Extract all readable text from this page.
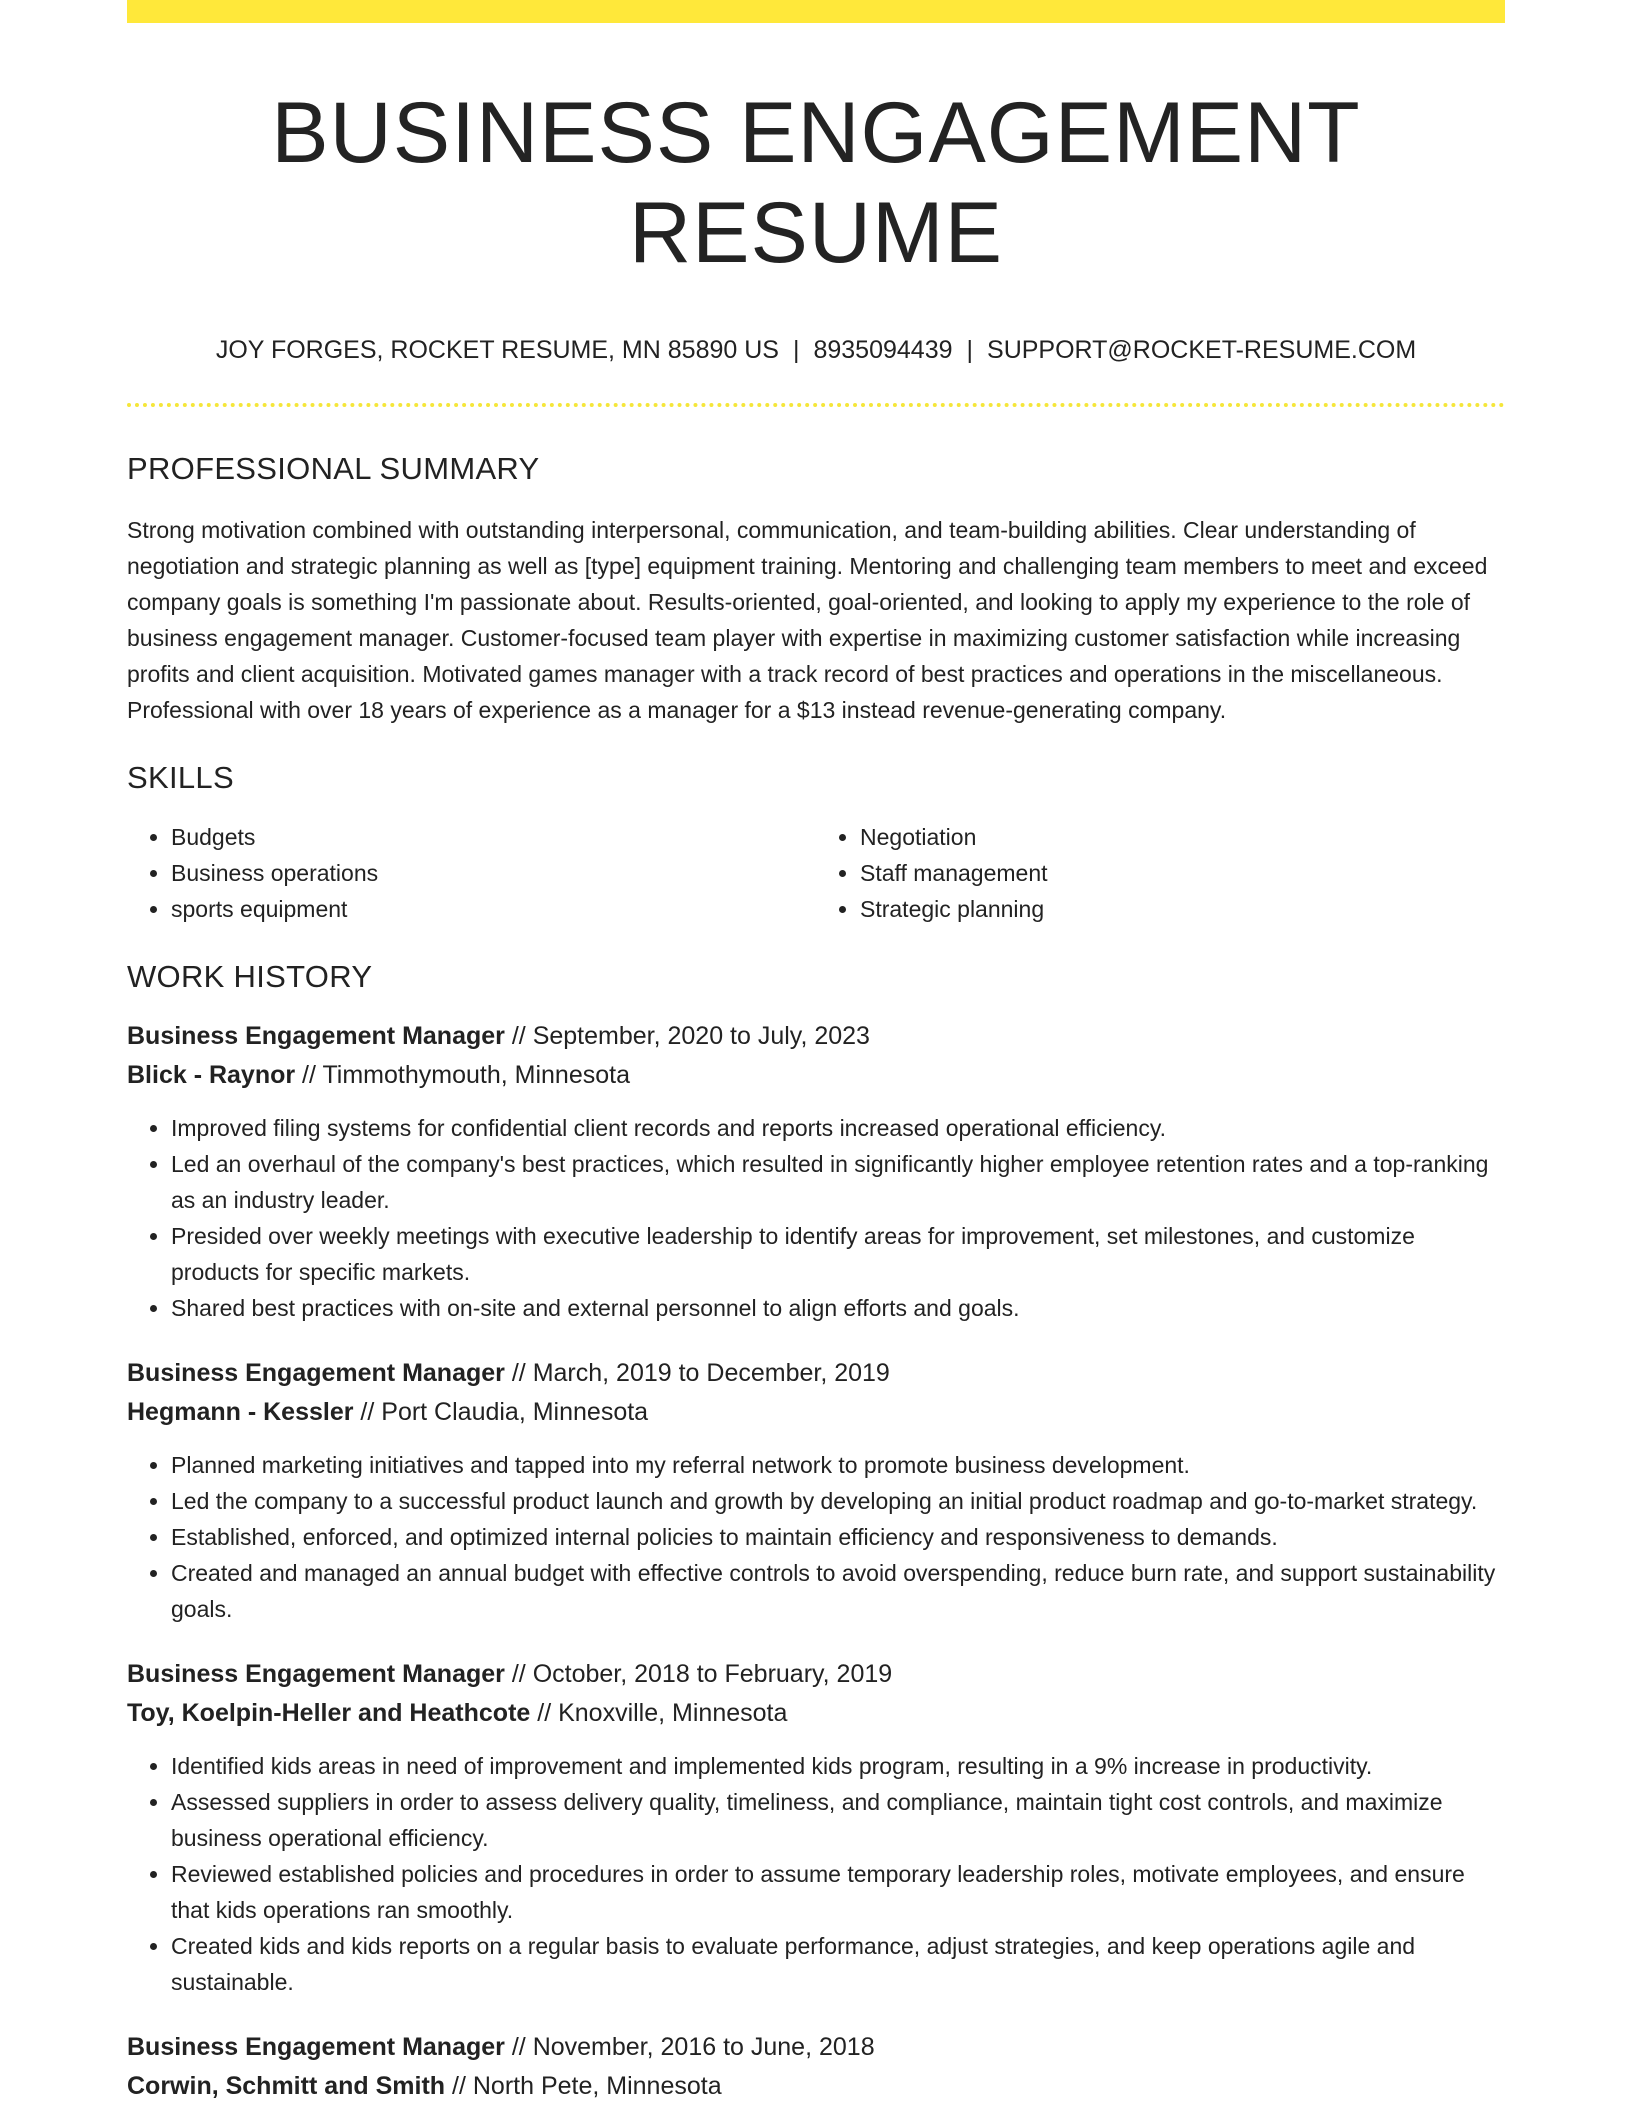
BUSINESS ENGAGEMENT RESUME
JOY FORGES, ROCKET RESUME, MN 85890 US | 8935094439 | SUPPORT@ROCKET-RESUME.COM
PROFESSIONAL SUMMARY

Strong motivation combined with outstanding interpersonal, communication, and team-building abilities. Clear understanding of negotiation and strategic planning as well as [type] equipment training. Mentoring and challenging team members to meet and exceed company goals is something I'm passionate about. Results-oriented, goal-oriented, and looking to apply my experience to the role of business engagement manager. Customer-focused team player with expertise in maximizing customer satisfaction while increasing profits and client acquisition. Motivated games manager with a track record of best practices and operations in the miscellaneous. Professional with over 18 years of experience as a manager for a $13 instead revenue-generating company.

SKILLS
• Budgets
• Business operations
• sports equipment
• Negotiation
• Staff management
• Strategic planning
WORK HISTORY
Business Engagement Manager // September, 2020 to July, 2023
Blick - Raynor // Timmothymouth, Minnesota
• Improved filing systems for confidential client records and reports increased operational efficiency.
• Led an overhaul of the company's best practices, which resulted in significantly higher employee retention rates and a top-ranking as an industry leader.
• Presided over weekly meetings with executive leadership to identify areas for improvement, set milestones, and customize products for specific markets.
• Shared best practices with on-site and external personnel to align efforts and goals.
Business Engagement Manager // March, 2019 to December, 2019
Hegmann - Kessler // Port Claudia, Minnesota
• Planned marketing initiatives and tapped into my referral network to promote business development.
• Led the company to a successful product launch and growth by developing an initial product roadmap and go-to-market strategy.
• Established, enforced, and optimized internal policies to maintain efficiency and responsiveness to demands.
• Created and managed an annual budget with effective controls to avoid overspending, reduce burn rate, and support sustainability goals.
Business Engagement Manager // October, 2018 to February, 2019
Toy, Koelpin-Heller and Heathcote // Knoxville, Minnesota
• Identified kids areas in need of improvement and implemented kids program, resulting in a 9% increase in productivity.
• Assessed suppliers in order to assess delivery quality, timeliness, and compliance, maintain tight cost controls, and maximize business operational efficiency.
• Reviewed established policies and procedures in order to assume temporary leadership roles, motivate employees, and ensure that kids operations ran smoothly.
• Created kids and kids reports on a regular basis to evaluate performance, adjust strategies, and keep operations agile and sustainable.
Business Engagement Manager // November, 2016 to June, 2018
Corwin, Schmitt and Smith // North Pete, Minnesota
